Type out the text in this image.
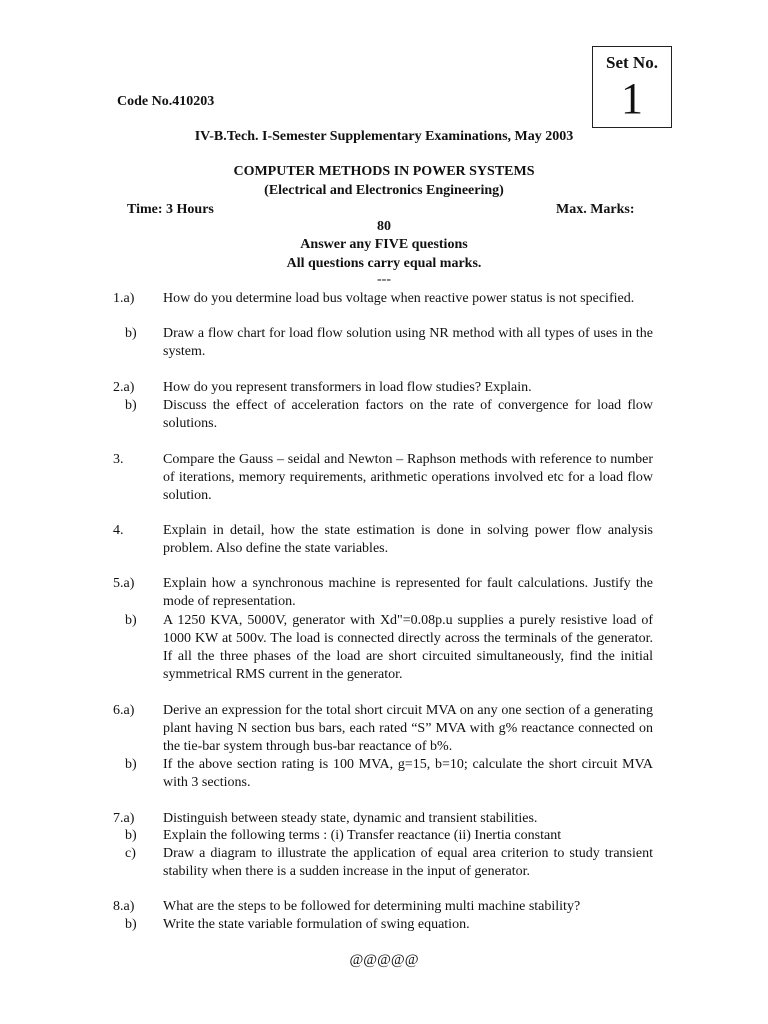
Set No.
1
Code No.410203
IV-B.Tech. I-Semester Supplementary Examinations, May 2003
COMPUTER METHODS IN POWER SYSTEMS
(Electrical and Electronics Engineering)
Time: 3 Hours	Max. Marks:
80
Answer any FIVE questions
All questions carry equal marks.
---
1.a)	How do you determine load bus voltage when reactive power status is not specified.
b)	Draw a flow chart for load flow solution using NR method with all types of uses in the system.
2.a)	How do you represent transformers in load flow studies? Explain.
b)	Discuss the effect of acceleration factors on the rate of convergence for load flow solutions.
3.	Compare the Gauss – seidal and Newton – Raphson methods with reference to number of iterations, memory requirements, arithmetic operations involved etc for a load flow solution.
4.	Explain in detail, how the state estimation is done in solving power flow analysis problem. Also define the state variables.
5.a)	Explain how a synchronous machine is represented for fault calculations. Justify the mode of representation.
b)	A 1250 KVA, 5000V, generator with Xd"=0.08p.u supplies a purely resistive load of 1000 KW at 500v. The load is connected directly across the terminals of the generator. If all the three phases of the load are short circuited simultaneously, find the initial symmetrical RMS current in the generator.
6.a)	Derive an expression for the total short circuit MVA on any one section of a generating plant having N section bus bars, each rated “S” MVA with g% reactance connected on the tie-bar system through bus-bar reactance of b%.
b)	If the above section rating is 100 MVA, g=15, b=10; calculate the short circuit MVA with 3 sections.
7.a)	Distinguish between steady state, dynamic and transient stabilities.
b)	Explain the following terms : (i) Transfer reactance (ii) Inertia constant
c)	Draw a diagram to illustrate the application of equal area criterion to study transient stability when there is a sudden increase in the input of generator.
8.a)	What are the steps to be followed for determining multi machine stability?
b)	Write the state variable formulation of swing equation.
@@@@@
